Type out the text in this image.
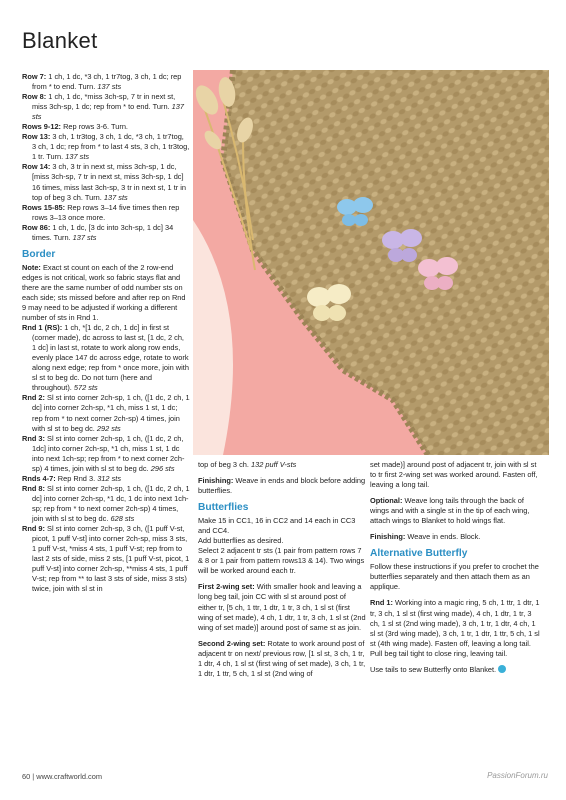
Blanket

Row 7: 1 ch, 1 dc, *3 ch, 1 tr7tog, 3 ch, 1 dc; rep from * to end. Turn. 137 sts

Row 8: 1 ch, 1 dc, *miss 3ch-sp, 7 tr in next st, miss 3ch-sp, 1 dc; rep from * to end. Turn. 137 sts

Rows 9-12: Rep rows 3-6. Turn.

Row 13: 3 ch, 1 tr3tog, 3 ch, 1 dc, *3 ch, 1 tr7tog, 3 ch, 1 dc; rep from * to last 4 sts, 3 ch, 1 tr3tog, 1 tr. Turn. 137 sts

Row 14: 3 ch, 3 tr in next st, miss 3ch-sp, 1 dc, [miss 3ch-sp, 7 tr in next st, miss 3ch-sp, 1 dc] 16 times, miss last 3ch-sp, 3 tr in next st, 1 tr in top of beg 3 ch. Turn. 137 sts

Rows 15-85: Rep rows 3–14 five times then rep rows 3–13 once more.

Row 86: 1 ch, 1 dc, [3 dc into 3ch-sp, 1 dc] 34 times. Turn. 137 sts

Border

Note: Exact st count on each of the 2 row-end edges is not critical, work so fabric stays flat and there are the same number of odd number sts on each side; sts missed before and after rep on Rnd 9 may need to be adjusted if working a different number of sts in Rnd 1.

Rnd 1 (RS): 1 ch, *[1 dc, 2 ch, 1 dc] in first st (corner made), dc across to last st, [1 dc, 2 ch, 1 dc] in last st, rotate to work along row ends, evenly place 147 dc across edge, rotate to work along next edge; rep from * once more, join with sl st to beg dc. Do not turn (here and throughout). 572 sts

Rnd 2: Sl st into corner 2ch-sp, 1 ch, ([1 dc, 2 ch, 1 dc] into corner 2ch-sp, *1 ch, miss 1 st, 1 dc; rep from * to next corner 2ch-sp) 4 times, join with sl st to beg dc. 292 sts

Rnd 3: Sl st into corner 2ch-sp, 1 ch, ([1 dc, 2 ch, 1dc] into corner 2ch-sp, *1 ch, miss 1 st, 1 dc into next 1ch-sp; rep from * to next corner 2ch-sp) 4 times, join with sl st to beg dc. 296 sts

Rnds 4-7: Rep Rnd 3. 312 sts

Rnd 8: Sl st into corner 2ch-sp, 1 ch, ([1 dc, 2 ch, 1 dc] into corner 2ch-sp, *1 dc, 1 dc into next 1ch-sp; rep from * to next corner 2ch-sp) 4 times, join with sl st to beg dc. 628 sts

Rnd 9: Sl st into corner 2ch-sp, 3 ch, ([1 puff V-st, picot, 1 puff V-st] into corner 2ch-sp, miss 3 sts, 1 puff V-st, *miss 4 sts, 1 puff V-st; rep from to last 2 sts of side, miss 2 sts, [1 puff V-st, picot, 1 puff V-st] into corner 2ch-sp, **miss 4 sts, 1 puff V-st; rep from ** to last 3 sts of side, miss 3 sts) twice, join with sl st in

top of beg 3 ch. 132 puff V-sts

Finishing: Weave in ends and block before adding butterflies.

Butterflies

Make 15 in CC1, 16 in CC2 and 14 each in CC3 and CC4.

Add butterflies as desired.

Select 2 adjacent tr sts (1 pair from pattern rows 7 & 8 or 1 pair from pattern rows13 & 14). Two wings will be worked around each tr.

First 2-wing set: With smaller hook and leaving a long beg tail, join CC with sl st around post of either tr, [5 ch, 1 ttr, 1 dtr, 1 tr, 3 ch, 1 sl st (first wing of set made), 4 ch, 1 dtr, 1 tr, 3 ch, 1 sl st (2nd wing of set made)] around post of same st as join.

Second 2-wing set: Rotate to work around post of adjacent tr on next/ previous row, [1 sl st, 3 ch, 1 tr, 1 dtr, 4 ch, 1 sl st (first wing of set made), 3 ch, 1 tr, 1 dtr, 1 ttr, 5 ch, 1 sl st (2nd wing of

set made)] around post of adjacent tr, join with sl st to tr first 2-wing set was worked around. Fasten off, leaving a long tail.

Optional: Weave long tails through the back of wings and with a single st in the tip of each wing, attach wings to Blanket to hold wings flat.

Finishing: Weave in ends. Block.

Alternative Butterfly

Follow these instructions if you prefer to crochet the butterflies separately and then attach them as an applique.

Rnd 1: Working into a magic ring, 5 ch, 1 ttr, 1 dtr, 1 tr, 3 ch, 1 sl st (first wing made), 4 ch, 1 dtr, 1 tr, 3 ch, 1 sl st (2nd wing made), 3 ch, 1 tr, 1 dtr, 4 ch, 1 sl st (3rd wing made), 3 ch, 1 tr, 1 dtr, 1 ttr, 5 ch, 1 sl st (4th wing made). Fasten off, leaving a long tail. Pull beg tail tight to close ring, leaving tail.

Use tails to sew Butterfly onto Blanket.

60 | www.craftworld.com	PassionForum.ru
